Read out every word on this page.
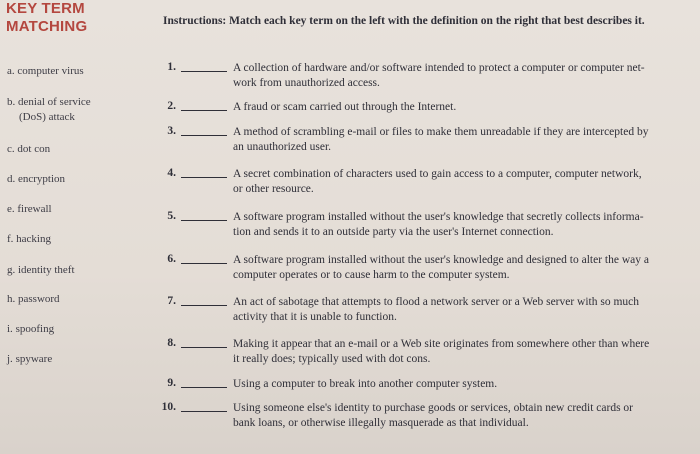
KEY TERM
MATCHING	Instructions: Match each key term on the left with the definition on the right that best describes it.
a. computer virus
b. denial of service
(DoS) attack
c. dot con
d. encryption
e. firewall
f. hacking
g. identity theft
h. password
i. spoofing
j. spyware
1.	A collection of hardware and/or software intended to protect a computer or computer net-
work from unauthorized access.
2.	A fraud or scam carried out through the Internet.
3.	A method of scrambling e-mail or files to make them unreadable if they are intercepted by
an unauthorized user.
4.	A secret combination of characters used to gain access to a computer, computer network,
or other resource.
5.	A software program installed without the user's knowledge that secretly collects informa-
tion and sends it to an outside party via the user's Internet connection.
6.	A software program installed without the user's knowledge and designed to alter the way a
computer operates or to cause harm to the computer system.
7.	An act of sabotage that attempts to flood a network server or a Web server with so much
activity that it is unable to function.
8.	Making it appear that an e-mail or a Web site originates from somewhere other than where
it really does; typically used with dot cons.
9.	Using a computer to break into another computer system.
10.	Using someone else's identity to purchase goods or services, obtain new credit cards or
bank loans, or otherwise illegally masquerade as that individual.
